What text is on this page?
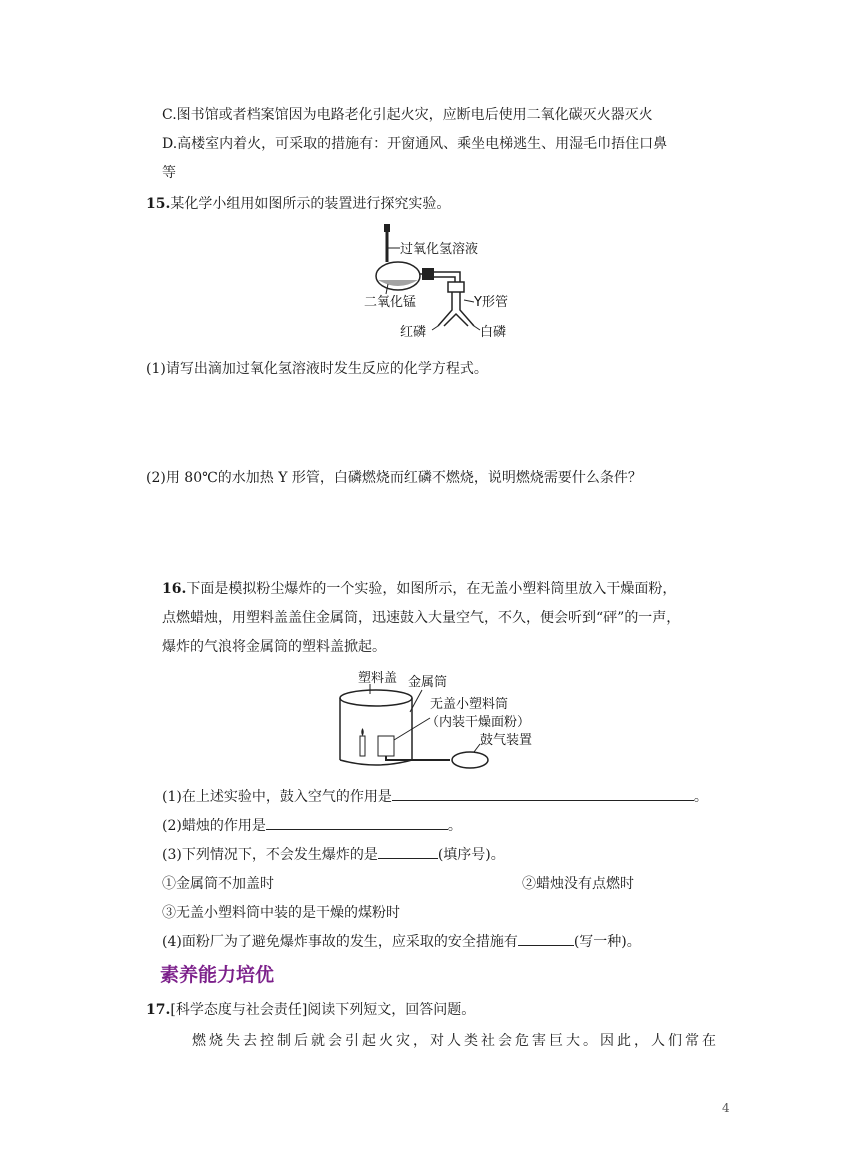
C.图书馆或者档案馆因为电路老化引起火灾，应断电后使用二氧化碳灭火器灭火
D.高楼室内着火，可采取的措施有：开窗通风、乘坐电梯逃生、用湿毛巾捂住口鼻
等
15.某化学小组用如图所示的装置进行探究实验。
过氧化氢溶液
二氧化锰	Y形管
红磷	白磷
(1)请写出滴加过氧化氢溶液时发生反应的化学方程式。
(2)用 80℃的水加热 Y 形管，白磷燃烧而红磷不燃烧，说明燃烧需要什么条件？
16.下面是模拟粉尘爆炸的一个实验，如图所示，在无盖小塑料筒里放入干燥面粉，
点燃蜡烛，用塑料盖盖住金属筒，迅速鼓入大量空气，不久，便会听到“砰”的一声，
爆炸的气浪将金属筒的塑料盖掀起。
塑料盖 金属筒
无盖小塑料筒
（内装干燥面粉）
鼓气装置
(1)在上述实验中，鼓入空气的作用是	。
(2)蜡烛的作用是	。
(3)下列情况下，不会发生爆炸的是	(填序号)。
①金属筒不加盖时	②蜡烛没有点燃时
③无盖小塑料筒中装的是干燥的煤粉时
(4)面粉厂为了避免爆炸事故的发生，应采取的安全措施有	(写一种)。
素养能力培优
17.[科学态度与社会责任]阅读下列短文，回答问题。
燃烧失去控制后就会引起火灾，对人类社会危害巨大。因此，人们常在
4
